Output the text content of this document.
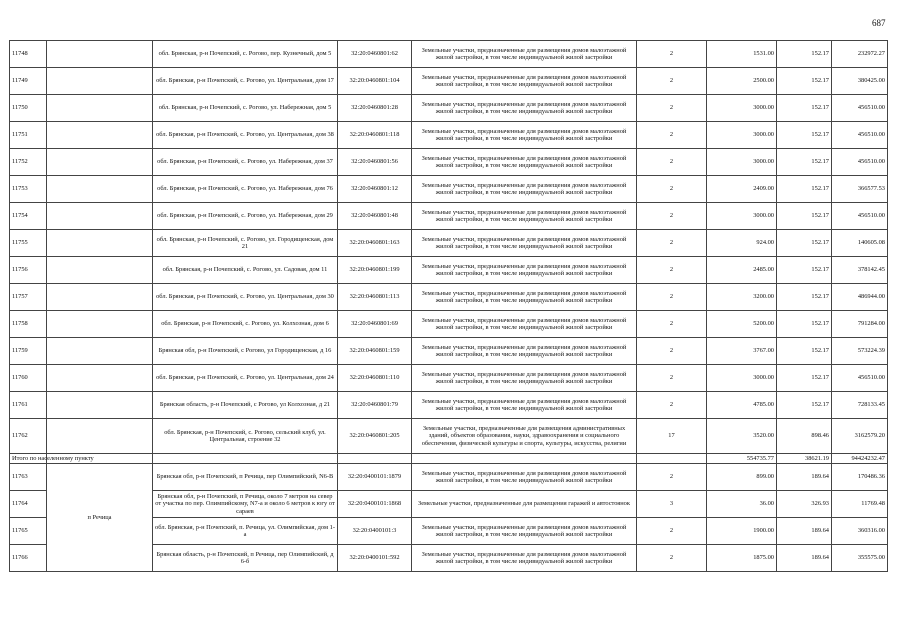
687
11748		обл. Брянская, р-н Почепский, с. Рогово, пер. Кузнечный, дом 5	32:20:0460801:62	Земельные участки, предназначенные для размещения домов малоэтажной жилой застройки, в том числе индивидуальной жилой застройки	2	1531.00	152.17	232972.27
11749		обл. Брянская, р-н Почепский, с. Рогово, ул. Центральная, дом 17	32:20:0460801:104	Земельные участки, предназначенные для размещения домов малоэтажной жилой застройки, в том числе индивидуальной жилой застройки	2	2500.00	152.17	380425.00
11750		обл. Брянская, р-н Почепский, с. Рогово, ул. Набережная, дом 5	32:20:0460801:28	Земельные участки, предназначенные для размещения домов малоэтажной жилой застройки, в том числе индивидуальной жилой застройки	2	3000.00	152.17	456510.00
11751		обл. Брянская, р-н Почепский, с. Рогово, ул. Центральная, дом 38	32:20:0460801:118	Земельные участки, предназначенные для размещения домов малоэтажной жилой застройки, в том числе индивидуальной жилой застройки	2	3000.00	152.17	456510.00
11752		обл. Брянская, р-н Почепский, с. Рогово, ул. Набережная, дом 37	32:20:0460801:56	Земельные участки, предназначенные для размещения домов малоэтажной жилой застройки, в том числе индивидуальной жилой застройки	2	3000.00	152.17	456510.00
11753		обл. Брянская, р-н Почепский, с. Рогово, ул. Набережная, дом 76	32:20:0460801:12	Земельные участки, предназначенные для размещения домов малоэтажной жилой застройки, в том числе индивидуальной жилой застройки	2	2409.00	152.17	366577.53
11754		обл. Брянская, р-н Почепский, с. Рогово, ул. Набережная, дом 29	32:20:0460801:48	Земельные участки, предназначенные для размещения домов малоэтажной жилой застройки, в том числе индивидуальной жилой застройки	2	3000.00	152.17	456510.00
11755		обл. Брянская, р-н Почепский, с. Рогово, ул. Городищенская, дом 21	32:20:0460801:163	Земельные участки, предназначенные для размещения домов малоэтажной жилой застройки, в том числе индивидуальной жилой застройки	2	924.00	152.17	140605.08
11756		обл. Брянская, р-н Почепский, с. Рогово, ул. Садовая, дом 11	32:20:0460801:199	Земельные участки, предназначенные для размещения домов малоэтажной жилой застройки, в том числе индивидуальной жилой застройки	2	2485.00	152.17	378142.45
11757		обл. Брянская, р-н Почепский, с. Рогово, ул. Центральная, дом 30	32:20:0460801:113	Земельные участки, предназначенные для размещения домов малоэтажной жилой застройки, в том числе индивидуальной жилой застройки	2	3200.00	152.17	486944.00
11758		обл. Брянская, р-н Почепский, с. Рогово, ул. Колхозная, дом 6	32:20:0460801:69	Земельные участки, предназначенные для размещения домов малоэтажной жилой застройки, в том числе индивидуальной жилой застройки	2	5200.00	152.17	791284.00
11759		Брянская обл, р-н Почепский, с Рогово, ул Городищенская, д 16	32:20:0460801:159	Земельные участки, предназначенные для размещения домов малоэтажной жилой застройки, в том числе индивидуальной жилой застройки	2	3767.00	152.17	573224.39
11760		обл. Брянская, р-н Почепский, с. Рогово, ул. Центральная, дом 24	32:20:0460801:110	Земельные участки, предназначенные для размещения домов малоэтажной жилой застройки, в том числе индивидуальной жилой застройки	2	3000.00	152.17	456510.00
11761		Брянская область, р-н Почепский, с Рогово, ул Колхозная, д 21	32:20:0460801:79	Земельные участки, предназначенные для размещения домов малоэтажной жилой застройки, в том числе индивидуальной жилой застройки	2	4785.00	152.17	728133.45
11762		обл. Брянская, р-н Почепский, с. Рогово, сельский клуб, ул. Центральная, строение 32	32:20:0460801:205	Земельные участки, предназначенные для размещения административных зданий, объектов образования, науки, здравоохранения и социального обеспечения, физической культуры и спорта, культуры, искусства, религии	17	3520.00	898.46	3162579.20
Итого по населенному пункту						554735.77	38621.19	94424232.47
11763	п Речица	Брянская обл, р-н Почепский, п Речица, пер Олимпийский, N6-В	32:20:0400101:1879	Земельные участки, предназначенные для размещения домов малоэтажной жилой застройки, в том числе индивидуальной жилой застройки	2	899.00	189.64	170486.36
11764		Брянская обл, р-н Почепский, п Речица, около 7 метров на север от участка по пер. Олимпийскому, N7-а и около 6 метров к югу от сараев	32:20:0400101:1868	Земельные участки, предназначенные для размещения гаражей и автостоянок	3	36.00	326.93	11769.48
11765		обл. Брянская, р-н Почепский, п. Речица, ул. Олимпийская, дом 1-а	32:20:0400101:3	Земельные участки, предназначенные для размещения домов малоэтажной жилой застройки, в том числе индивидуальной жилой застройки	2	1900.00	189.64	360316.00
11766		Брянская область, р-н Почепский, п Речица, пер Олимпийский, д 6-б	32:20:0400101:592	Земельные участки, предназначенные для размещения домов малоэтажной жилой застройки, в том числе индивидуальной жилой застройки	2	1875.00	189.64	355575.00
